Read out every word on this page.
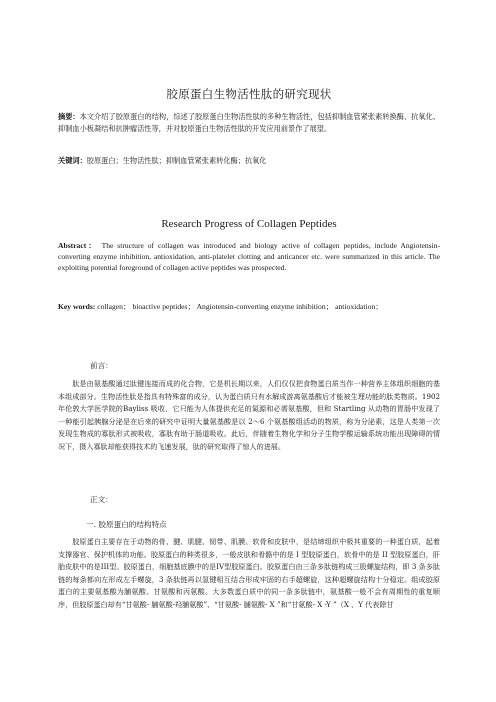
胶原蛋白生物活性肽的研究现状
摘要：本文介绍了胶原蛋白的结构，综述了胶原蛋白生物活性肽的多种生物活性，包括抑制血管紧张素转换酶、抗氧化、抑制血小板凝结和抗肿瘤活性等，并对胶原蛋白生物活性肽的开发应用前景作了展望。
关键词：胶原蛋白；生物活性肽；抑制血管紧张素转化酶；抗氧化
Research Progress of Collagen Peptides
Abstract： The structure of collagen was introduced and biology active of collagen peptides, include Angiotensin-converting enzyme inhibition, antioxidation, anti-platelet clotting and anticancer etc. were summarized in this article. The exploiting potential foreground of collagen active peptides was prospected.
Key words: collagen； bioactive peptides； Angiotensin-converting enzyme inhibition； antioxidation；
前言：
肽是由氨基酸通过肽键连接而成的化合物，它是机长期以来，人们仅仅把食物蛋白质当作一种营养主体组织细胞的基本组成部分。生物活性肽是指具有特殊富的成分，认为蛋白质只有水解成游离氨基酸后才能被生理功能的肽类物质。1902 年伦敦大学医学院的Bayliss 吸收，它只能为人体提供充足的氮源和必需氨基酸，但和 Startling 从动物的胃肠中发现了一种能引起胰腺分泌是在后来的研究中证明大量氨基酸是以 2～6 个氨基酸组活动的物质，称为分泌素，这是人类第一次发现生物成的寡肽形式被吸收，寡肽有助于肠道吸收。此后，伴随着生物化学和分子生物学酸运输系统功能出现障碍的情况下，摄入寡肽却能获得技术的飞速发展，肽的研究取得了惊人的进展。
正文：
一. 胶原蛋白的结构特点
胶原蛋白主要存在于动物的骨、腱、肌腱、韧带、肌膜、软骨和皮肤中，是结缔组织中极其重要的一种蛋白质，起着支撑器官、保护机体的功能。胶原蛋白的种类很多，一般皮肤和骨骼中的是 I 型胶原蛋白，软骨中的是 II 型胶原蛋白，肝胎皮肤中的是III型。胶原蛋白，细胞基底膜中的是IV型胶原蛋白。胶原蛋白由三条多肽链构成三股螺旋结构，即 3 条多肽链的每条都向左形成左手螺旋，3 条肽链再以氢键相互结合形成牢固的右手超螺旋，这种超螺旋结构十分稳定。组成胶原蛋白的主要氨基酸为脯氨酸、甘氨酸和丙氨酸。大多数蛋白质中的同一条多肽链中，氨基酸一般不会有周期性的重复顺序，但胶原蛋白却有“甘氨酸- 脯氨酸-羟脯氨酸”、“甘氨酸- 脯氨酸- X ”和“甘氨酸- X -Y ”（X 、Y 代表除甘
